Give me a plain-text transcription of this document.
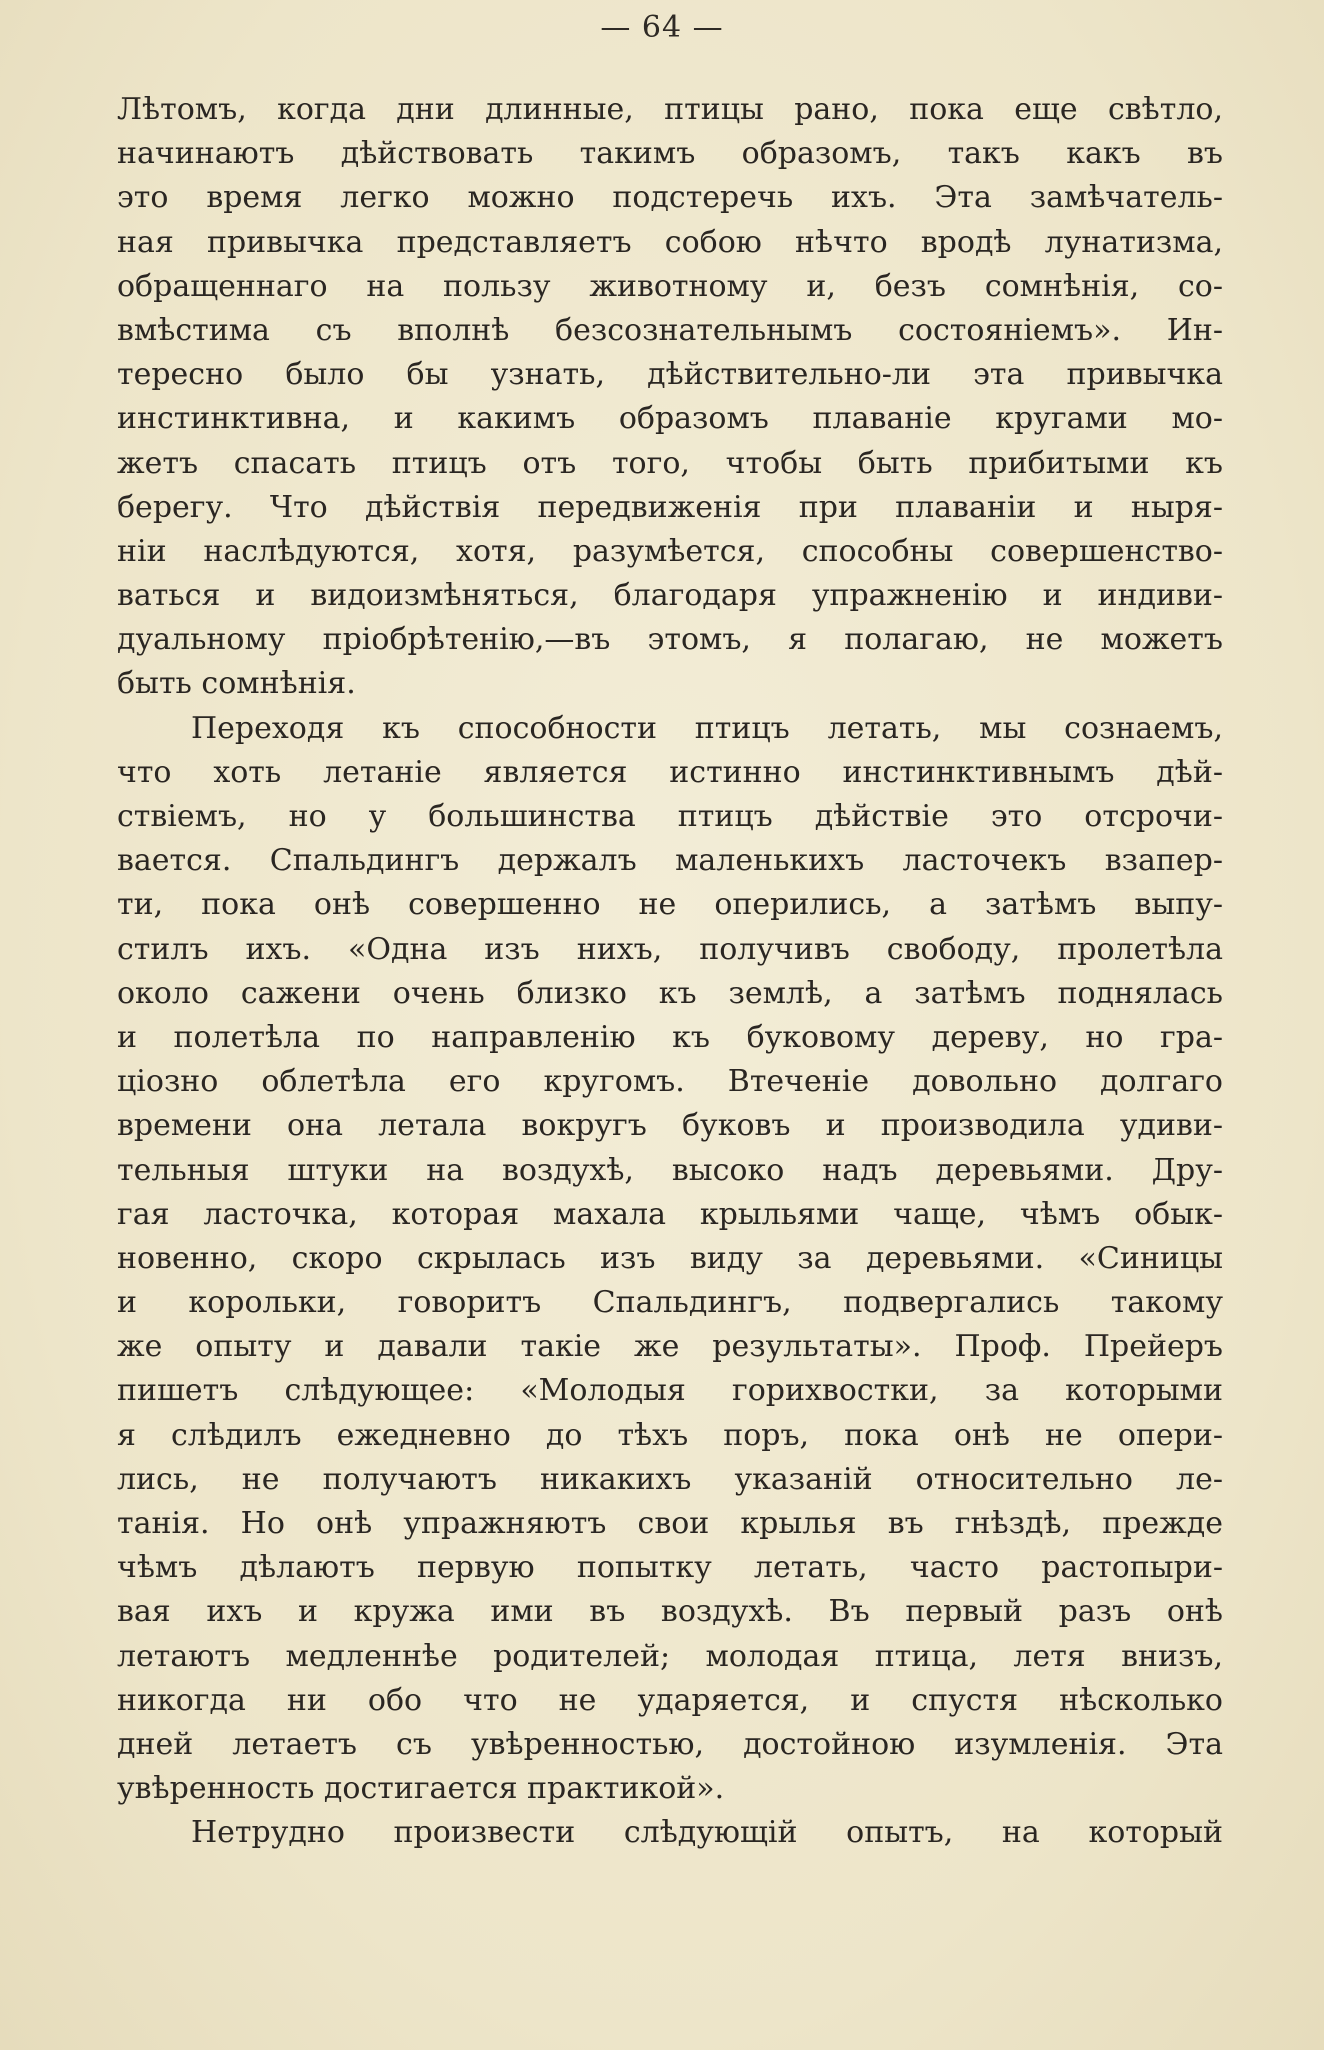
— 64 —
Лѣтомъ, когда дни длинные, птицы рано, пока еще свѣтло,
начинаютъ дѣйствовать такимъ образомъ, такъ какъ въ
это время легко можно подстеречь ихъ. Эта замѣчатель-
ная привычка представляетъ собою нѣчто вродѣ лунатизма,
обращеннаго на пользу животному и, безъ сомнѣнія, со-
вмѣстима съ вполнѣ безсознательнымъ состояніемъ». Ин-
тересно было бы узнать, дѣйствительно-ли эта привычка
инстинктивна, и какимъ образомъ плаваніе кругами мо-
жетъ спасать птицъ отъ того, чтобы быть прибитыми къ
берегу. Что дѣйствія передвиженія при плаваніи и ныря-
ніи наслѣдуются, хотя, разумѣется, способны совершенство-
ваться и видоизмѣняться, благодаря упражненію и индиви-
дуальному пріобрѣтенію,—въ этомъ, я полагаю, не можетъ
быть сомнѣнія.
Переходя къ способности птицъ летать, мы сознаемъ,
что хоть летаніе является истинно инстинктивнымъ дѣй-
ствіемъ, но у большинства птицъ дѣйствіе это отсрочи-
вается. Спальдингъ держалъ маленькихъ ласточекъ взапер-
ти, пока онѣ совершенно не оперились, а затѣмъ выпу-
стилъ ихъ. «Одна изъ нихъ, получивъ свободу, пролетѣла
около сажени очень близко къ землѣ, а затѣмъ поднялась
и полетѣла по направленію къ буковому дереву, но гра-
ціозно облетѣла его кругомъ. Втеченіе довольно долгаго
времени она летала вокругъ буковъ и производила удиви-
тельныя штуки на воздухѣ, высоко надъ деревьями. Дру-
гая ласточка, которая махала крыльями чаще, чѣмъ обык-
новенно, скоро скрылась изъ виду за деревьями. «Синицы
и корольки, говоритъ Спальдингъ, подвергались такому
же опыту и давали такіе же результаты». Проф. Прейеръ
пишетъ слѣдующее: «Молодыя горихвостки, за которыми
я слѣдилъ ежедневно до тѣхъ поръ, пока онѣ не опери-
лись, не получаютъ никакихъ указаній относительно ле-
танія. Но онѣ упражняютъ свои крылья въ гнѣздѣ, прежде
чѣмъ дѣлаютъ первую попытку летать, часто растопыри-
вая ихъ и кружа ими въ воздухѣ. Въ первый разъ онѣ
летаютъ медленнѣе родителей; молодая птица, летя внизъ,
никогда ни обо что не ударяется, и спустя нѣсколько
дней летаетъ съ увѣренностью, достойною изумленія. Эта
увѣренность достигается практикой».
Нетрудно произвести слѣдующій опытъ, на который
